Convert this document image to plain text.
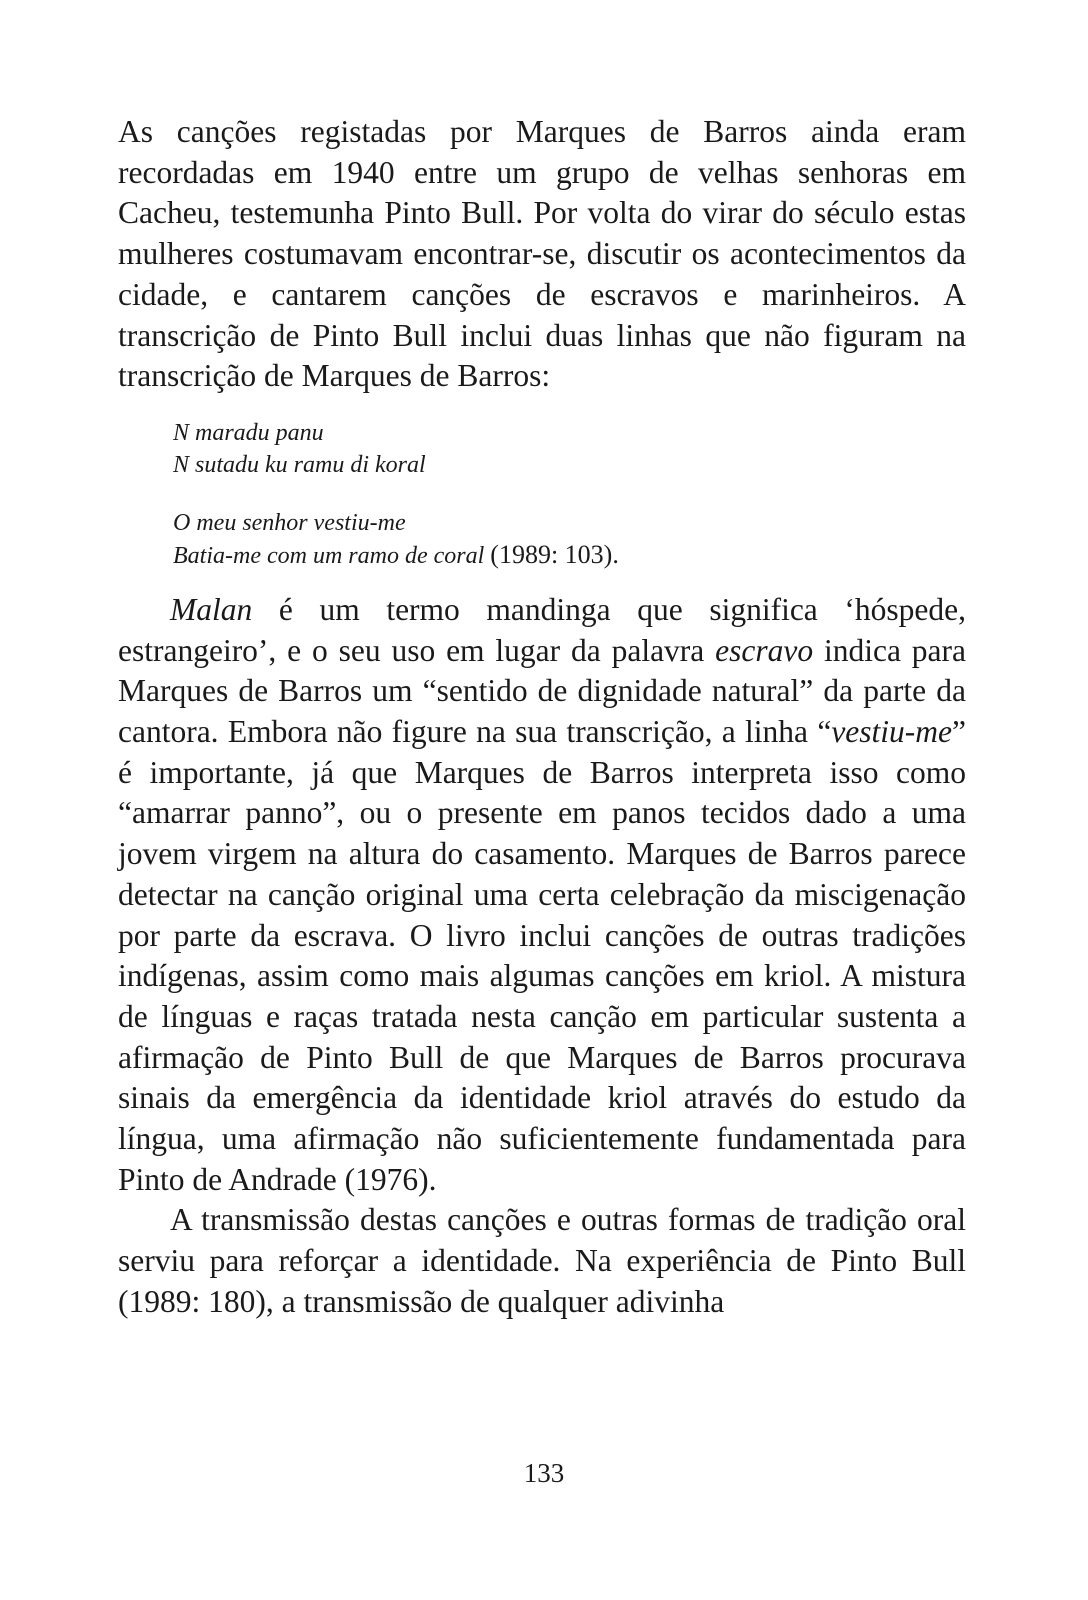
As canções registadas por Marques de Barros ainda eram recordadas em 1940 entre um grupo de velhas senhoras em Cacheu, testemunha Pinto Bull. Por volta do virar do século estas mulheres costumavam encontrar-se, discutir os acontecimentos da cidade, e cantarem canções de escravos e marinheiros. A transcrição de Pinto Bull inclui duas linhas que não figuram na transcrição de Marques de Barros:

N maradu panu
N sutadu ku ramu di koral
O meu senhor vestiu-me
Batia-me com um ramo de coral (1989: 103).

Malan é um termo mandinga que significa ‘hóspede, estrangeiro’, e o seu uso em lugar da palavra escravo indica para Marques de Barros um “sentido de dignidade natural” da parte da cantora. Embora não figure na sua transcrição, a linha “vestiu-me” é importante, já que Marques de Barros interpreta isso como “amarrar panno”, ou o presente em panos tecidos dado a uma jovem virgem na altura do casamento. Marques de Barros parece detectar na canção original uma certa celebração da miscigenação por parte da escrava. O livro inclui canções de outras tradições indígenas, assim como mais algumas canções em kriol. A mistura de línguas e raças tratada nesta canção em particular sustenta a afirmação de Pinto Bull de que Marques de Barros procurava sinais da emergência da identidade kriol através do estudo da língua, uma afirmação não suficientemente fundamentada para Pinto de Andrade (1976).

A transmissão destas canções e outras formas de tradição oral serviu para reforçar a identidade. Na experiência de Pinto Bull (1989: 180), a transmissão de qualquer adivinha

133
